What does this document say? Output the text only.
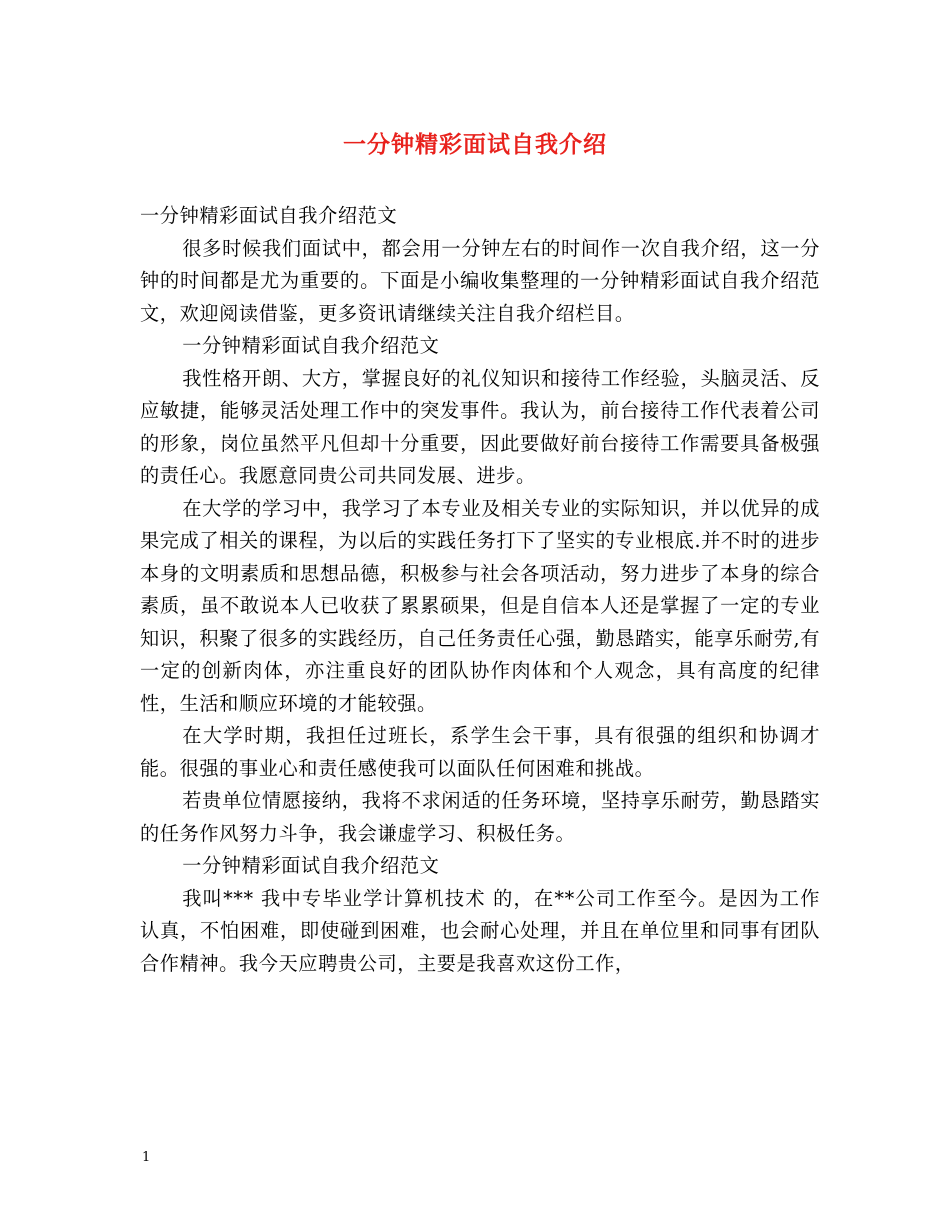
一分钟精彩面试自我介绍

一分钟精彩面试自我介绍范文

很多时候我们面试中，都会用一分钟左右的时间作一次自我介绍，这一分钟的时间都是尤为重要的。下面是小编收集整理的一分钟精彩面试自我介绍范文，欢迎阅读借鉴，更多资讯请继续关注自我介绍栏目。

一分钟精彩面试自我介绍范文

我性格开朗、大方，掌握良好的礼仪知识和接待工作经验，头脑灵活、反应敏捷，能够灵活处理工作中的突发事件。我认为，前台接待工作代表着公司的形象，岗位虽然平凡但却十分重要，因此要做好前台接待工作需要具备极强的责任心。我愿意同贵公司共同发展、进步。

在大学的学习中，我学习了本专业及相关专业的实际知识，并以优异的成果完成了相关的课程，为以后的实践任务打下了坚实的专业根底.并不时的进步本身的文明素质和思想品德，积极参与社会各项活动，努力进步了本身的综合素质，虽不敢说本人已收获了累累硕果，但是自信本人还是掌握了一定的专业知识，积聚了很多的实践经历，自己任务责任心强，勤恳踏实，能享乐耐劳,有一定的创新肉体，亦注重良好的团队协作肉体和个人观念，具有高度的纪律性，生活和顺应环境的才能较强。

在大学时期，我担任过班长，系学生会干事，具有很强的组织和协调才能。很强的事业心和责任感使我可以面队任何困难和挑战。

若贵单位情愿接纳，我将不求闲适的任务环境，坚持享乐耐劳，勤恳踏实的任务作风努力斗争，我会谦虚学习、积极任务。

一分钟精彩面试自我介绍范文

我叫*** 我中专毕业学计算机技术 的，在**公司工作至今。是因为工作认真，不怕困难，即使碰到困难，也会耐心处理，并且在单位里和同事有团队合作精神。我今天应聘贵公司，主要是我喜欢这份工作，

1
